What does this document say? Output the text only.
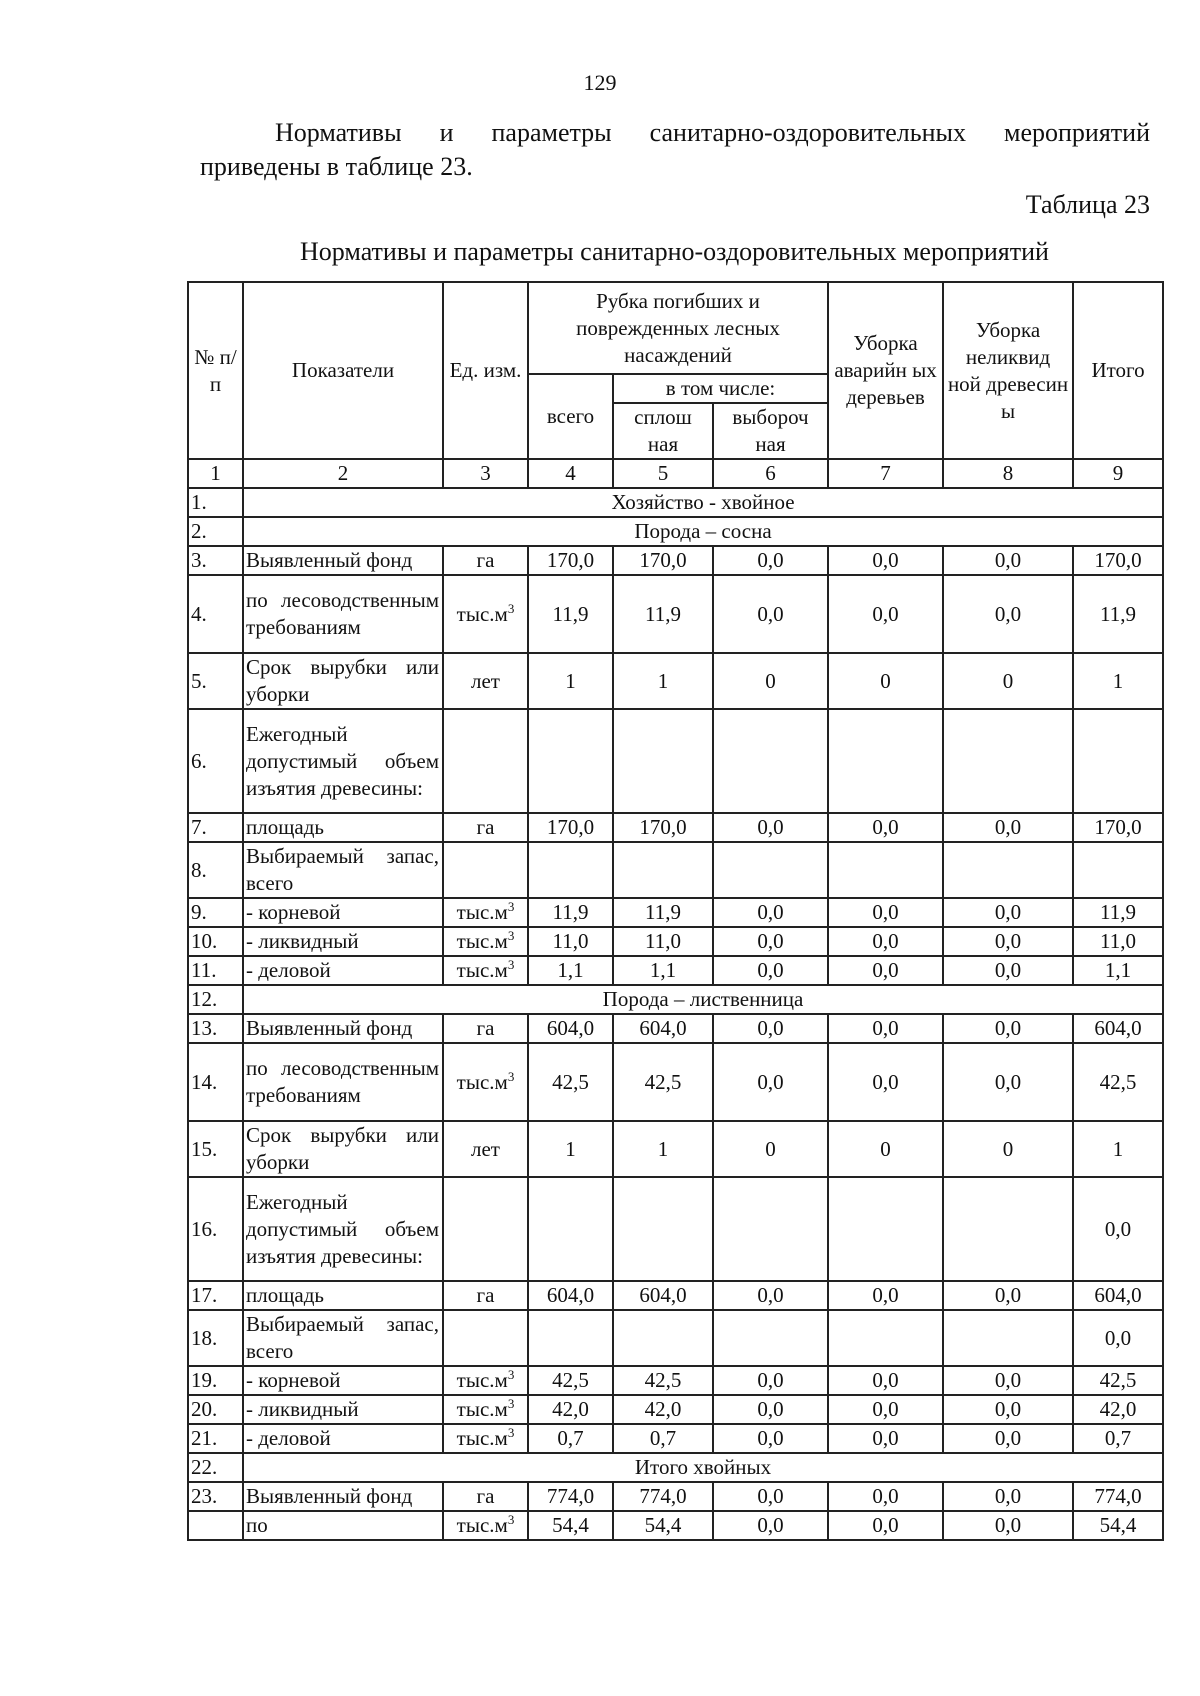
129

Нормативы и параметры санитарно-оздоровительных мероприятий приведены в таблице 23.

Таблица 23
Нормативы и параметры санитарно-оздоровительных мероприятий
№ п/п	Показатели	Ед. изм.	Рубка погибших и поврежденных лесных насаждений			Уборка аварийн ых деревьев	Уборка неликвид ной древесин ы	Итого
			всего	в том числе:				
				сплош ная	выбороч ная			
1	2	3	4	5	6	7	8	9
1.	Хозяйство - хвойное							
2.	Порода – сосна							
3.	Выявленный фонд	га	170,0	170,0	0,0	0,0	0,0	170,0
4.	по лесоводственным требованиям	$тыс.м^3$	11,9	11,9	0,0	0,0	0,0	11,9
5.	Срок вырубки или уборки	лет	1	1	0	0	0	1
6.	Ежегодный допустимый объем изъятия древесины:							
7.	площадь	га	170,0	170,0	0,0	0,0	0,0	170,0
8.	Выбираемый запас, всего							
9.	- корневой	$тыс.м^3$	11,9	11,9	0,0	0,0	0,0	11,9
10.	- ликвидный	$тыс.м^3$	11,0	11,0	0,0	0,0	0,0	11,0
11.	- деловой	$тыс.м^3$	1,1	1,1	0,0	0,0	0,0	1,1
12.	Порода – лиственница							
13.	Выявленный фонд	га	604,0	604,0	0,0	0,0	0,0	604,0
14.	по лесоводственным требованиям	$тыс.м^3$	42,5	42,5	0,0	0,0	0,0	42,5
15.	Срок вырубки или уборки	лет	1	1	0	0	0	1
16.	Ежегодный допустимый объем изъятия древесины:							0,0
17.	площадь	га	604,0	604,0	0,0	0,0	0,0	604,0
18.	Выбираемый запас, всего							0,0
19.	- корневой	$тыс.м^3$	42,5	42,5	0,0	0,0	0,0	42,5
20.	- ликвидный	$тыс.м^3$	42,0	42,0	0,0	0,0	0,0	42,0
21.	- деловой	$тыс.м^3$	0,7	0,7	0,0	0,0	0,0	0,7
22.	Итого хвойных							
23.	Выявленный фонд	га	774,0	774,0	0,0	0,0	0,0	774,0
	по	$тыс.м^3$	54,4	54,4	0,0	0,0	0,0	54,4
